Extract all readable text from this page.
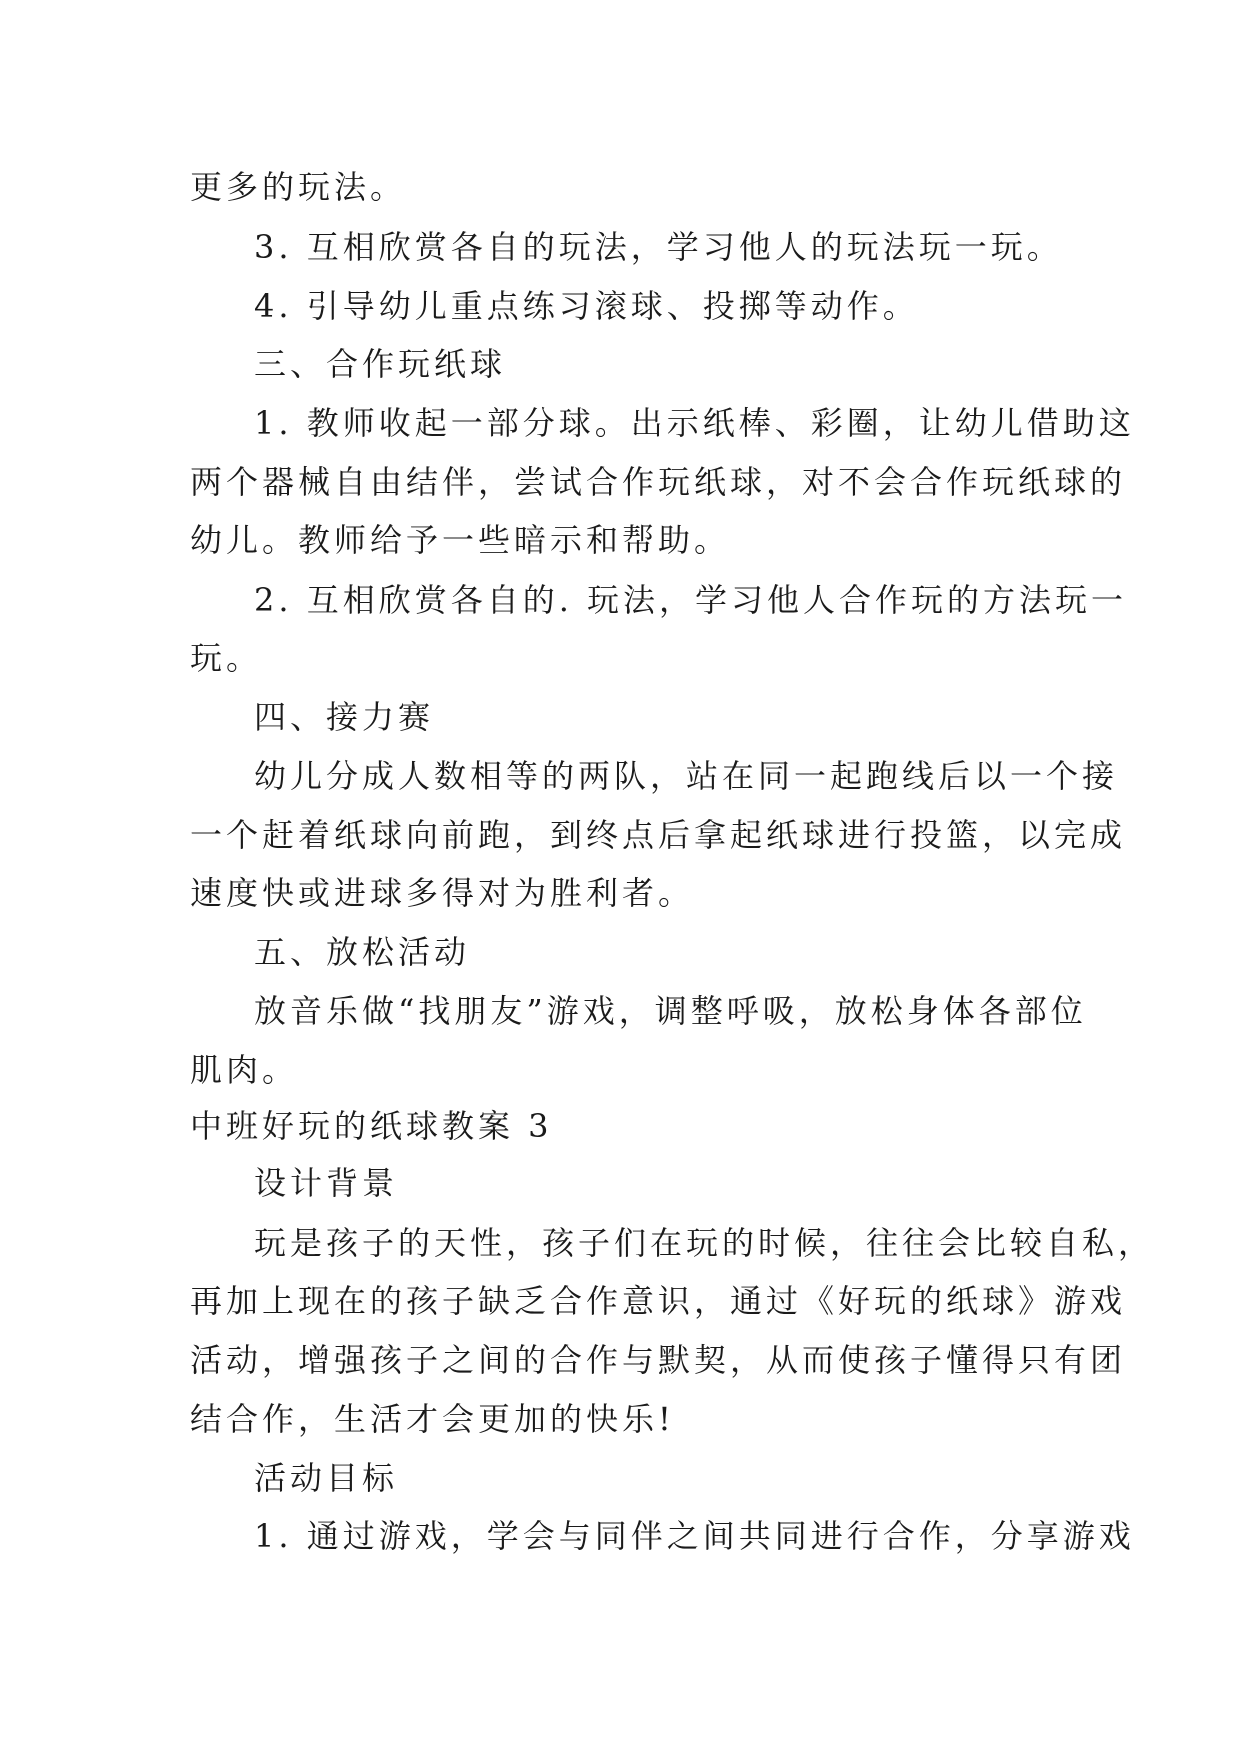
更多的玩法。
3. 互相欣赏各自的玩法，学习他人的玩法玩一玩。
4. 引导幼儿重点练习滚球、投掷等动作。
三、合作玩纸球
1. 教师收起一部分球。出示纸棒、彩圈，让幼儿借助这
两个器械自由结伴，尝试合作玩纸球，对不会合作玩纸球的
幼儿。教师给予一些暗示和帮助。
2. 互相欣赏各自的. 玩法，学习他人合作玩的方法玩一
玩。
四、接力赛
幼儿分成人数相等的两队，站在同一起跑线后以一个接
一个赶着纸球向前跑，到终点后拿起纸球进行投篮，以完成
速度快或进球多得对为胜利者。
五、放松活动
放音乐做“找朋友”游戏，调整呼吸，放松身体各部位
肌肉。
中班好玩的纸球教案 3
设计背景
玩是孩子的天性，孩子们在玩的时候，往往会比较自私，
再加上现在的孩子缺乏合作意识，通过《好玩的纸球》游戏
活动，增强孩子之间的合作与默契，从而使孩子懂得只有团
结合作，生活才会更加的快乐!
活动目标
1. 通过游戏，学会与同伴之间共同进行合作，分享游戏
